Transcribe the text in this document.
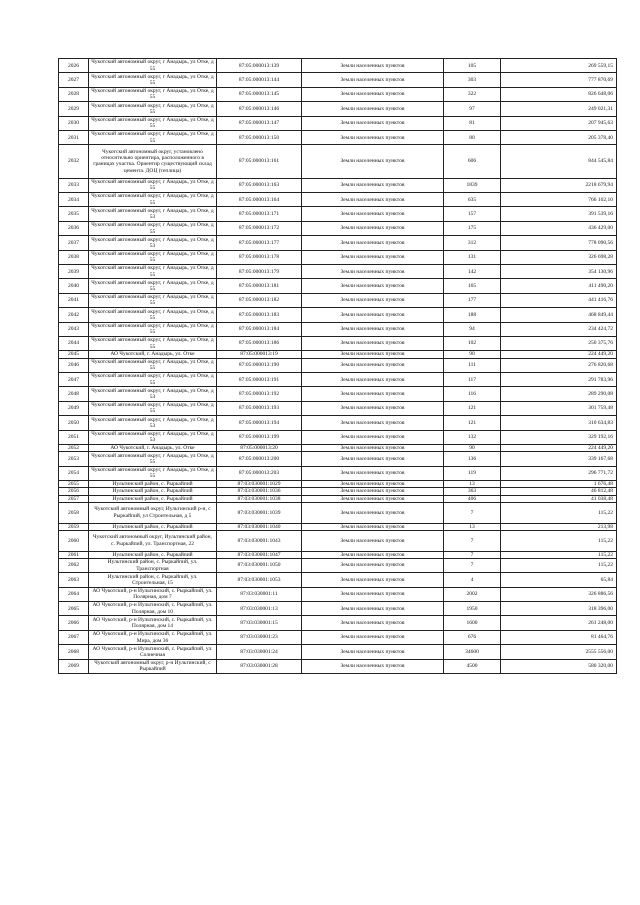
2026	Чукотский автономный округ, г Анадырь, ул Отке, д 55	87:05:000013:139	Земли населенных пунктов	105	269 559,15
2027	Чукотский автономный округ, г Анадырь, ул Отке, д 55	87:05:000013:144	Земли населенных пунктов	303	777 870,69
2028	Чукотский автономный округ, г Анадырь, ул Отке, д 55	87:05:000013:145	Земли населенных пунктов	322	826 648,06
2029	Чукотский автономный округ, г Анадырь, ул Отке, д 55	87:05:000013:146	Земли населенных пунктов	97	249 021,31
2030	Чукотский автономный округ, г Анадырь, ул Отке, д 55	87:05:000013:147	Земли населенных пунктов	81	207 945,63
2031	Чукотский автономный округ, г Анадырь, ул Отке, д 55	87:05:000013:150	Земли населенных пунктов	80	205 378,40
2032	Чукотский автономный округ, установлено относительно ориентира, расположенного в границах участка. Ориентир существующий склад цемента. ДОЦ (теплица)	87:05:000013:161	Земли населенных пунктов	606	844 545,84
2033	Чукотский автономный округ, г Анадырь, ул Отке, д 55	87:05:000013:163	Земли населенных пунктов	1839	2218 679,94
2034	Чукотский автономный округ, г Анадырь, ул Отке, д 55	87:05:000013:164	Земли населенных пунктов	635	766 102,10
2035	Чукотский автономный округ, г Анадырь, ул Отке, д 53	87:05:000013:171	Земли населенных пунктов	157	391 539,16
2036	Чукотский автономный округ, г Анадырь, ул Отке, д 55	87:05:000013:172	Земли населенных пунктов	175	436 429,00
2037	Чукотский автономный округ, г Анадырь, ул Отке, д 53	87:05:000013:177	Земли населенных пунктов	312	778 090,56
2038	Чукотский автономный округ, г Анадырь, ул Отке, д 55	87:05:000013:178	Земли населенных пунктов	131	326 698,28
2039	Чукотский автономный округ, г Анадырь, ул Отке, д 55	87:05:000013:179	Земли населенных пунктов	142	354 130,96
2040	Чукотский автономный округ, г Анадырь, ул Отке, д 55	87:05:000013:181	Земли населенных пунктов	165	411 490,20
2041	Чукотский автономный округ, г Анадырь, ул Отке, д 55	87:05:000013:182	Земли населенных пунктов	177	441 416,76
2042	Чукотский автономный округ, г Анадырь, ул Отке, д 55	87:05:000013:183	Земли населенных пунктов	188	468 849,44
2043	Чукотский автономный округ, г Анадырь, ул Отке, д 55	87:05:000013:184	Земли населенных пунктов	94	234 424,72
2044	Чукотский автономный округ, г Анадырь, ул Отке, д 55	87:05:000013:186	Земли населенных пунктов	102	250 375,76
2045	АО Чукотский, г. Анадырь, ул. Отке	87:05:000013:19	Земли населенных пунктов	90	224 449,20
2046	Чукотский автономный округ, г Анадырь, ул Отке, д 55	87:05:000013:190	Земли населенных пунктов	111	276 820,68
2047	Чукотский автономный округ, г Анадырь, ул Отке, д 55	87:05:000013:191	Земли населенных пунктов	117	291 783,96
2048	Чукотский автономный округ, г Анадырь, ул Отке, д 53	87:05:000013:192	Земли населенных пунктов	116	289 290,08
2049	Чукотский автономный округ, г Анадырь, ул Отке, д 55	87:05:000013:193	Земли населенных пунктов	121	301 759,48
2050	Чукотский автономный округ, г Анадырь, ул Отке, д 53	87:05:000013:194	Земли населенных пунктов	121	310 634,83
2051	Чукотский автономный округ, г Анадырь, ул Отке, д 53	87:05:000013:199	Земли населенных пунктов	132	329 192,16
2052	АО Чукотский, г. Анадырь, ул. Отке	87:05:000013:20	Земли населенных пунктов	90	224 449,20
2053	Чукотский автономный округ, г Анадырь, ул Отке, д 55	87:05:000013:200	Земли населенных пунктов	136	339 167,68
2054	Чукотский автономный округ, г Анадырь, ул Отке, д 55	87:05:000013:203	Земли населенных пунктов	119	296 771,72
2055	Иультинский район, с. Рыркайпий	87:03:030001:1029	Земли населенных пунктов	13	1 676,48
2056	Иультинский район, с. Рыркайпий	87:03:030001:1036	Земли населенных пунктов	363	46 812,48
2057	Иультинский район, с. Рыркайпий	87:03:030001:1038	Земли населенных пунктов	406	41 038,48
2058	Чукотский автономный округ, Иультинский р-н, с Рыркайпий, ул Строительная, д 5	87:03:030001:1039	Земли населенных пунктов	7	115,22
2059	Иультинский район, с. Рыркайпий	87:03:030001:1040	Земли населенных пунктов	13	213,98
2060	Чукотский автономный округ, Иультинский район, с. Рыркайпий, ул. Транспортная, 22	87:03:030001:1043	Земли населенных пунктов	7	115,22
2061	Иультинский район, с. Рыркайпий	87:03:030001:1047	Земли населенных пунктов	7	115,22
2062	Иультинский район, с. Рыркайпий, ул. Транспортная	87:03:030001:1050	Земли населенных пунктов	7	115,22
2063	Иультинский район, с. Рыркайпий, ул. Строительная, 15	87:03:030001:1053	Земли населенных пунктов	4	65,84
2064	АО Чукотский, р-н Иультинский, с. Рыркайпий, ул. Полярная, дом 7	87:03:030001:11	Земли населенных пунктов	2002	326 886,56
2065	АО Чукотский, р-н Иультинский, с. Рыркайпий, ул. Полярная, дом 10	87:03:030001:13	Земли населенных пунктов	1950	318 396,00
2066	АО Чукотский, р-н Иультинский, с. Рыркайпий, ул. Полярная, дом 14	87:03:030001:15	Земли населенных пунктов	1600	261 248,00
2067	АО Чукотский, р-н Иультинский, с. Рыркайпий, ул. Мира, дом 36	87:03:030001:23	Земли населенных пунктов	676	81 464,76
2068	АО Чукотский, р-н Иультинский, с. Рыркайпий, ул. Солнечная	87:03:030001:24	Земли населенных пунктов	34600	2555 556,00
2069	Чукотский автономный округ, р-н Иультинский, с Рыркайпий	87:03:030001:28	Земли населенных пунктов	4500	580 320,00
